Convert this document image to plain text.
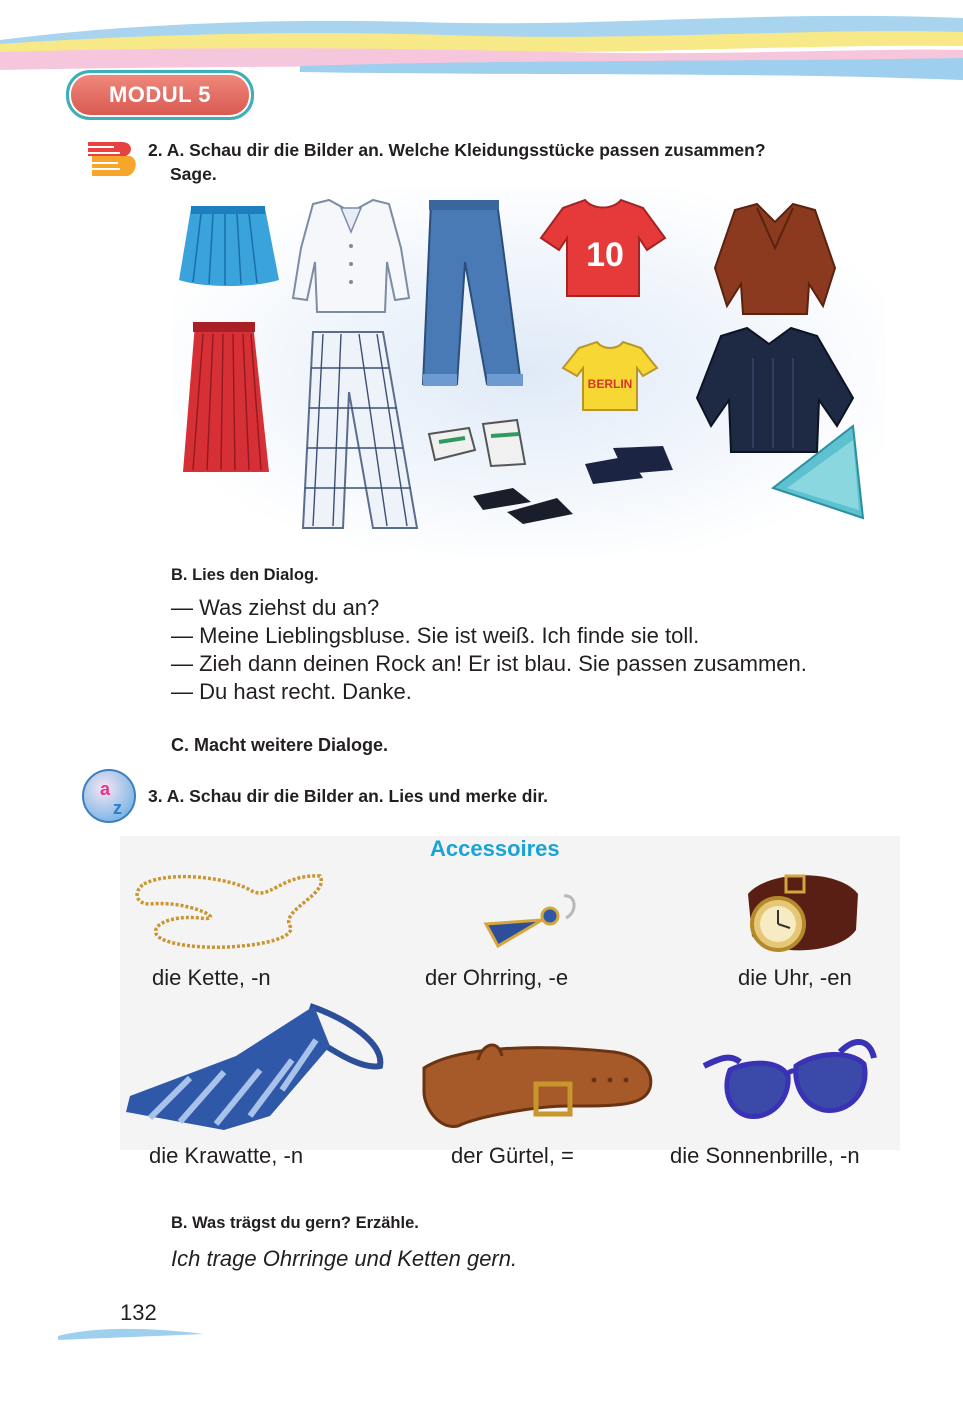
MODUL 5
2. A. Schau dir die Bilder an. Welche Kleidungsstücke passen zusammen?
Sage.
10
BERLIN
B. Lies den Dialog.
— Was ziehst du an?
— Meine Lieblingsbluse. Sie ist weiß. Ich finde sie toll.
— Zieh dann deinen Rock an! Er ist blau. Sie passen zusammen.
— Du hast recht. Danke.
C. Macht weitere Dialoge.
a
z
3. A. Schau dir die Bilder an. Lies und merke dir.
Accessoires
die Kette, -n	der Ohrring, -e	die Uhr, -en
die Krawatte, -n	der Gürtel, =	die Sonnenbrille, -n
B. Was trägst du gern? Erzähle.
Ich trage Ohrringe und Ketten gern.
132
